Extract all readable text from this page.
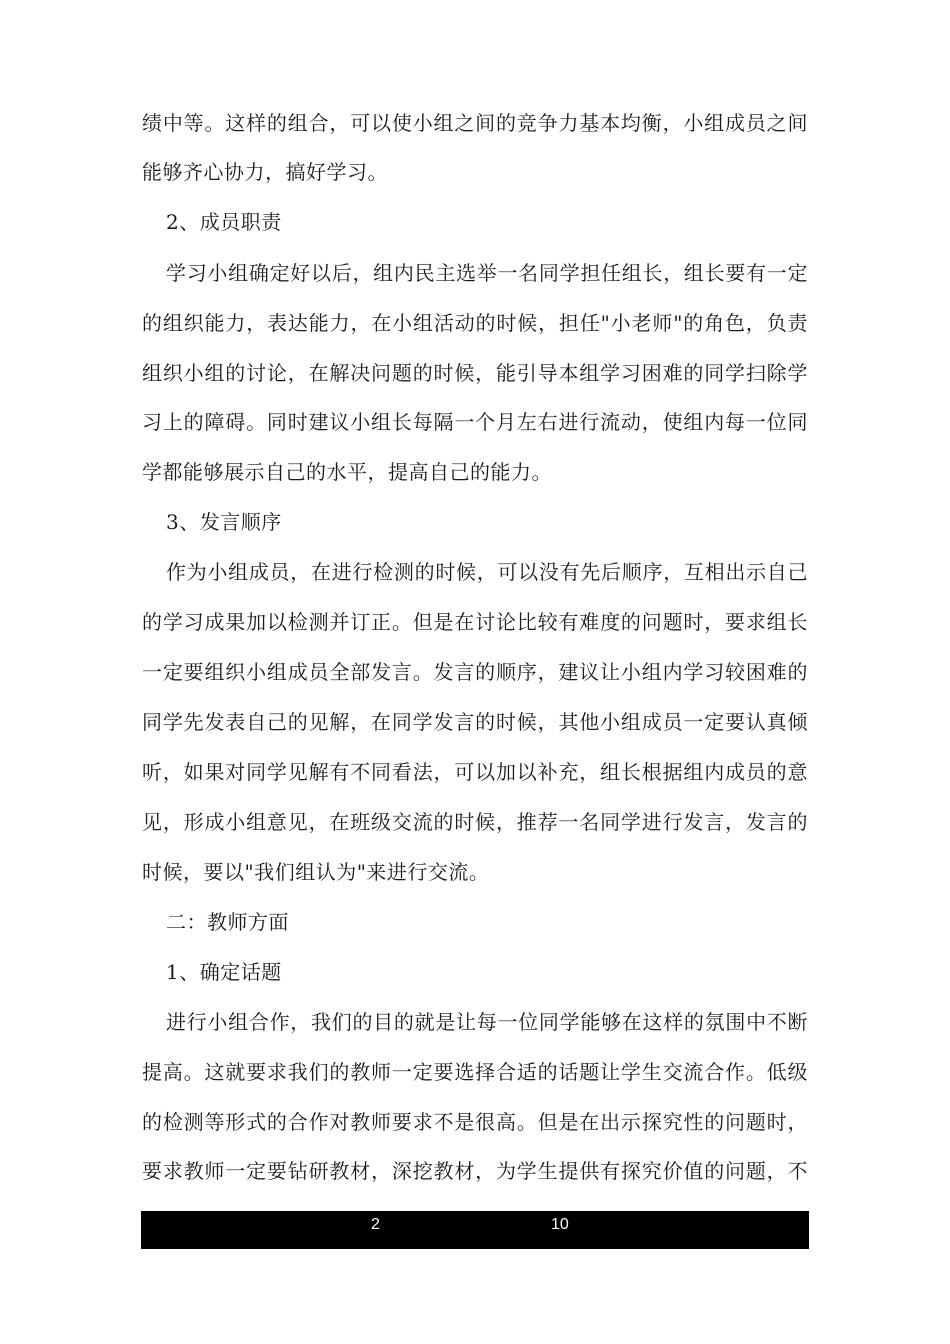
绩中等。这样的组合，可以使小组之间的竞争力基本均衡，小组成员之间
能够齐心协力，搞好学习。
2、成员职责
学习小组确定好以后，组内民主选举一名同学担任组长，组长要有一定
的组织能力，表达能力，在小组活动的时候，担任"小老师"的角色，负责
组织小组的讨论，在解决问题的时候，能引导本组学习困难的同学扫除学
习上的障碍。同时建议小组长每隔一个月左右进行流动，使组内每一位同
学都能够展示自己的水平，提高自己的能力。
3、发言顺序
作为小组成员，在进行检测的时候，可以没有先后顺序，互相出示自己
的学习成果加以检测并订正。但是在讨论比较有难度的问题时，要求组长
一定要组织小组成员全部发言。发言的顺序，建议让小组内学习较困难的
同学先发表自己的见解，在同学发言的时候，其他小组成员一定要认真倾
听，如果对同学见解有不同看法，可以加以补充，组长根据组内成员的意
见，形成小组意见，在班级交流的时候，推荐一名同学进行发言，发言的
时候，要以"我们组认为"来进行交流。
二：教师方面
1、确定话题
进行小组合作，我们的目的就是让每一位同学能够在这样的氛围中不断
提高。这就要求我们的教师一定要选择合适的话题让学生交流合作。低级
的检测等形式的合作对教师要求不是很高。但是在出示探究性的问题时，
要求教师一定要钻研教材，深挖教材，为学生提供有探究价值的问题，不
2	10
